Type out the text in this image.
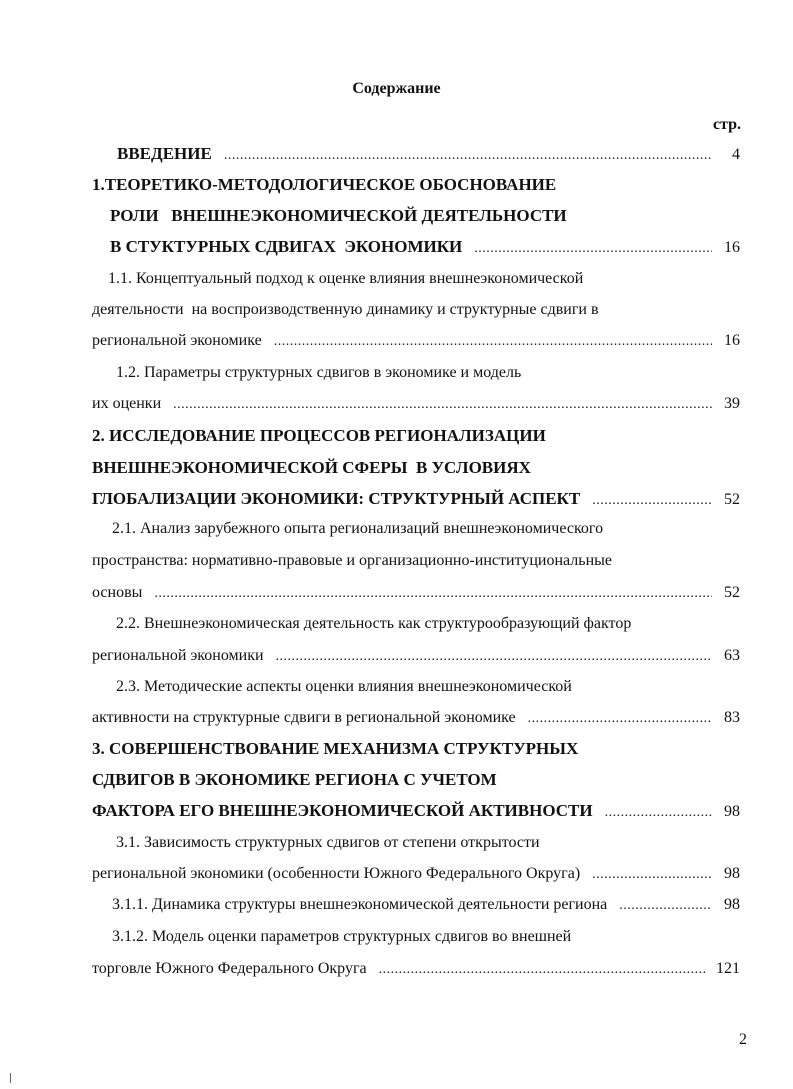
Содержание
стр.
ВВЕДЕНИЕ .....	4
1.ТЕОРЕТИКО-МЕТОДОЛОГИЧЕСКОЕ ОБОСНОВАНИЕ
РОЛИ   ВНЕШНЕЭКОНОМИЧЕСКОЙ ДЕЯТЕЛЬНОСТИ
В СТУКТУРНЫХ СДВИГАХ  ЭКОНОМИКИ .....	16
1.1. Концептуальный подход к оценке влияния внешнеэкономической
деятельности  на воспроизводственную динамику и структурные сдвиги в
региональной экономике .....	16
1.2. Параметры структурных сдвигов в экономике и модель
их оценки .....	39
2. ИССЛЕДОВАНИЕ ПРОЦЕССОВ РЕГИОНАЛИЗАЦИИ
ВНЕШНЕЭКОНОМИЧЕСКОЙ СФЕРЫ  В УСЛОВИЯХ
ГЛОБАЛИЗАЦИИ ЭКОНОМИКИ: СТРУКТУРНЫЙ АСПЕКТ .....	52
2.1. Анализ зарубежного опыта регионализаций внешнеэкономического
пространства: нормативно-правовые и организационно-институциональные
основы .....	52
2.2. Внешнеэкономическая деятельность как структурообразующий фактор
региональной экономики .....	63
2.3. Методические аспекты оценки влияния внешнеэкономической
активности на структурные сдвиги в региональной экономике .....	83
3. СОВЕРШЕНСТВОВАНИЕ МЕХАНИЗМА СТРУКТУРНЫХ
СДВИГОВ В ЭКОНОМИКЕ РЕГИОНА С УЧЕТОМ
ФАКТОРА ЕГО ВНЕШНЕЭКОНОМИЧЕСКОЙ АКТИВНОСТИ .....	98
3.1. Зависимость структурных сдвигов от степени открытости
региональной экономики (особенности Южного Федерального Округа) .....	98
3.1.1. Динамика структуры внешнеэкономической деятельности региона .....	98
3.1.2. Модель оценки параметров структурных сдвигов во внешней
торговле Южного Федерального Округа .....	121
2
